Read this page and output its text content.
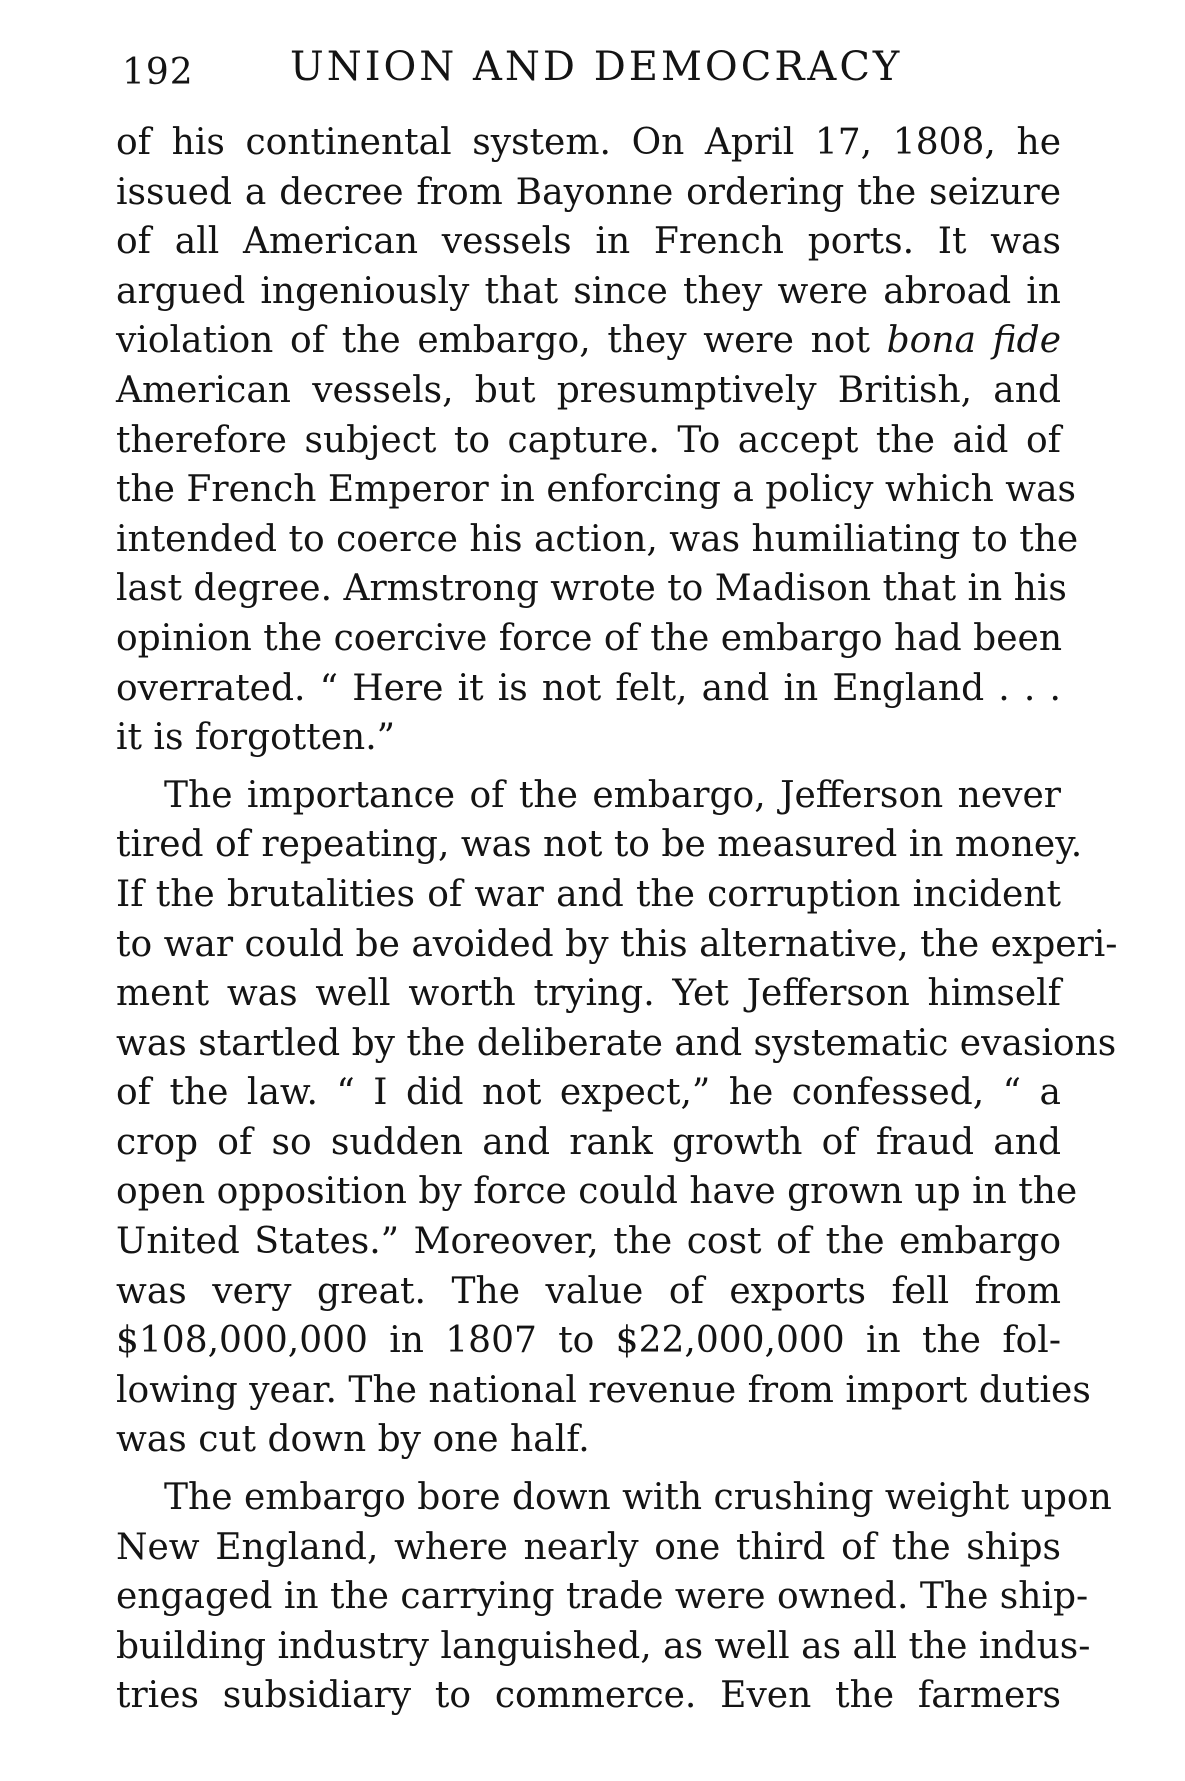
192 UNION AND DEMOCRACY
of his continental system. On April 17, 1808, he
issued a decree from Bayonne ordering the seizure
of all American vessels in French ports. It was
argued ingeniously that since they were abroad in
violation of the embargo, they were not bona fide
American vessels, but presumptively British, and
therefore subject to capture. To accept the aid of
the French Emperor in enforcing a policy which was
intended to coerce his action, was humiliating to the
last degree. Armstrong wrote to Madison that in his
opinion the coercive force of the embargo had been
overrated. “ Here it is not felt, and in England . . .
it is forgotten.”
The importance of the embargo, Jefferson never
tired of repeating, was not to be measured in money.
If the brutalities of war and the corruption incident
to war could be avoided by this alternative, the experi-
ment was well worth trying. Yet Jefferson himself
was startled by the deliberate and systematic evasions
of the law. “ I did not expect,” he confessed, “ a
crop of so sudden and rank growth of fraud and
open opposition by force could have grown up in the
United States.” Moreover, the cost of the embargo
was very great. The value of exports fell from
$108,000,000 in 1807 to $22,000,000 in the fol-
lowing year. The national revenue from import duties
was cut down by one half.
The embargo bore down with crushing weight upon
New England, where nearly one third of the ships
engaged in the carrying trade were owned. The ship-
building industry languished, as well as all the indus-
tries subsidiary to commerce. Even the farmers
